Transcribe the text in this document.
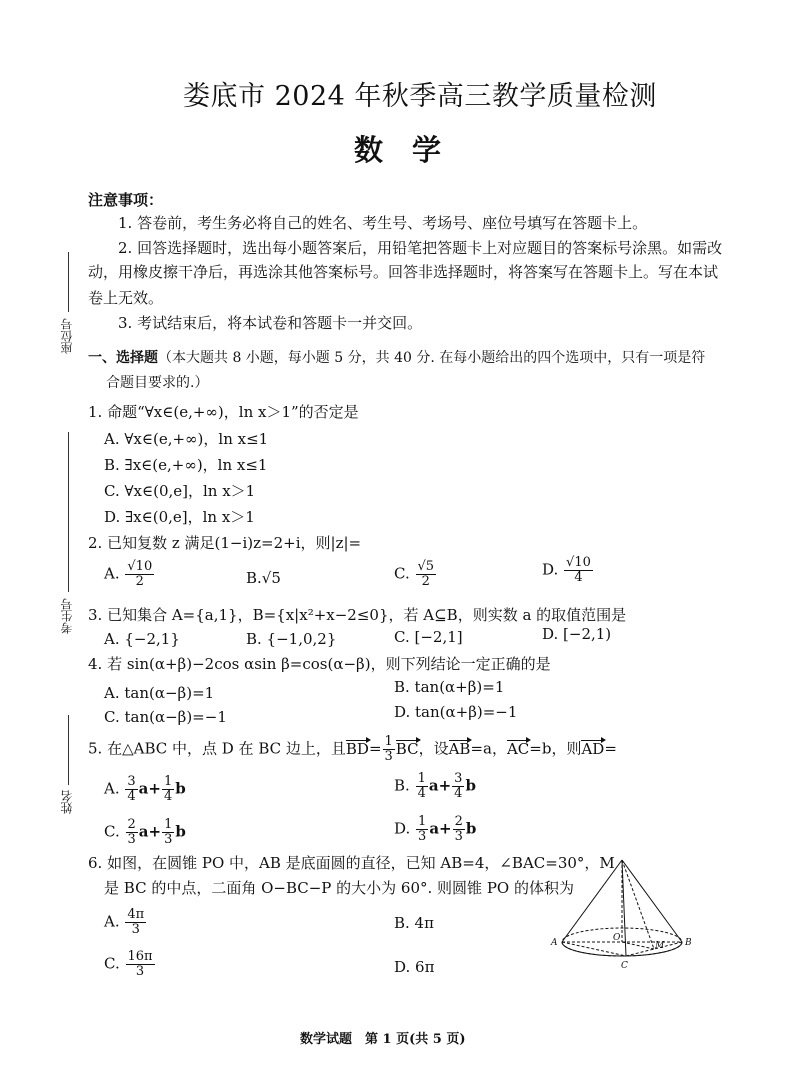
娄底市 2024 年秋季高三教学质量检测
数　学
座位号
考生号
姓名
注意事项：
1. 答卷前，考生务必将自己的姓名、考生号、考场号、座位号填写在答题卡上。
2. 回答选择题时，选出每小题答案后，用铅笔把答题卡上对应题目的答案标号涂黑。如需改
动，用橡皮擦干净后，再选涂其他答案标号。回答非选择题时，将答案写在答题卡上。写在本试
卷上无效。
3. 考试结束后，将本试卷和答题卡一并交回。
一、选择题（本大题共 8 小题，每小题 5 分，共 40 分. 在每小题给出的四个选项中，只有一项是符
合题目要求的.）
1. 命题“∀x∈(e,+∞)，ln x＞1”的否定是
A. ∀x∈(e,+∞)，ln x≤1
B. ∃x∈(e,+∞)，ln x≤1
C. ∀x∈(0,e]，ln x＞1
D. ∃x∈(0,e]，ln x＞1
2. 已知复数 z 满足(1−i)z=2+i，则|z|=
A. $\frac{√10}{2}$	B.√5	C. $\frac{√5}{2}$	D. $\frac{√10}{4}$
3. 已知集合 A={a,1}，B={x|x²+x−2≤0}，若 A⊆B，则实数 a 的取值范围是
A. {−2,1}	B. {−1,0,2}	C. [−2,1]	D. [−2,1)
4. 若 sin(α+β)−2cos αsin β=cos(α−β)，则下列结论一定正确的是
A. tan(α−β)=1	B. tan(α+β)=1
C. tan(α−β)=−1	D. tan(α+β)=−1
5. 在△ABC 中，点 D 在 BC 边上，且$BD= \frac{1}{3}$ BC，设AB=a，AC=b，则AD=
A. $\frac{3}{4} a+ \frac{1}{4}$ b	B. $\frac{1}{4} a+ \frac{3}{4}$ b
C. $\frac{2}{3} a+ \frac{1}{3}$ b	D. $\frac{1}{3} a+ \frac{2}{3}$ b
6. 如图，在圆锥 PO 中，AB 是底面圆的直径，已知 AB=4，∠BAC=30°，M
是 BC 的中点，二面角 O−BC−P 的大小为 60°. 则圆锥 PO 的体积为
A. $\frac{4\pi}{3}$	B. 4π
C. $\frac{16\pi}{3}$	D. 6π
A	B
O
M
C
数学试题　第 1 页(共 5 页)
